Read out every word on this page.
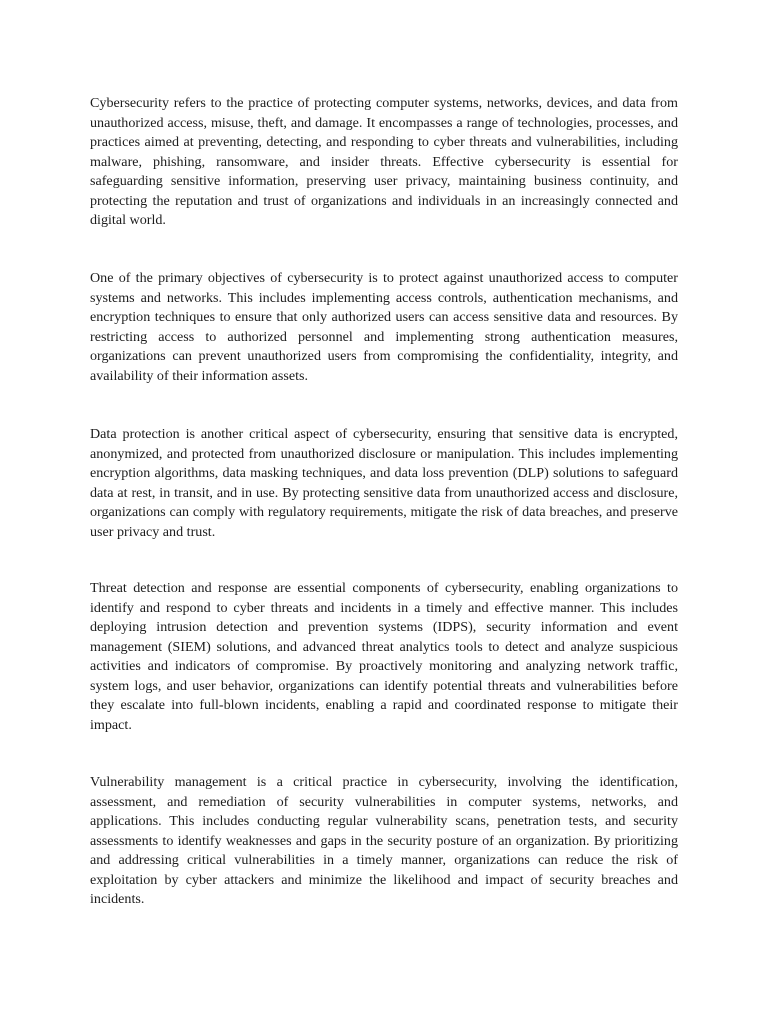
Cybersecurity refers to the practice of protecting computer systems, networks, devices, and data from unauthorized access, misuse, theft, and damage. It encompasses a range of technologies, processes, and practices aimed at preventing, detecting, and responding to cyber threats and vulnerabilities, including malware, phishing, ransomware, and insider threats. Effective cybersecurity is essential for safeguarding sensitive information, preserving user privacy, maintaining business continuity, and protecting the reputation and trust of organizations and individuals in an increasingly connected and digital world.

One of the primary objectives of cybersecurity is to protect against unauthorized access to computer systems and networks. This includes implementing access controls, authentication mechanisms, and encryption techniques to ensure that only authorized users can access sensitive data and resources. By restricting access to authorized personnel and implementing strong authentication measures, organizations can prevent unauthorized users from compromising the confidentiality, integrity, and availability of their information assets.

Data protection is another critical aspect of cybersecurity, ensuring that sensitive data is encrypted, anonymized, and protected from unauthorized disclosure or manipulation. This includes implementing encryption algorithms, data masking techniques, and data loss prevention (DLP) solutions to safeguard data at rest, in transit, and in use. By protecting sensitive data from unauthorized access and disclosure, organizations can comply with regulatory requirements, mitigate the risk of data breaches, and preserve user privacy and trust.

Threat detection and response are essential components of cybersecurity, enabling organizations to identify and respond to cyber threats and incidents in a timely and effective manner. This includes deploying intrusion detection and prevention systems (IDPS), security information and event management (SIEM) solutions, and advanced threat analytics tools to detect and analyze suspicious activities and indicators of compromise. By proactively monitoring and analyzing network traffic, system logs, and user behavior, organizations can identify potential threats and vulnerabilities before they escalate into full-blown incidents, enabling a rapid and coordinated response to mitigate their impact.

Vulnerability management is a critical practice in cybersecurity, involving the identification, assessment, and remediation of security vulnerabilities in computer systems, networks, and applications. This includes conducting regular vulnerability scans, penetration tests, and security assessments to identify weaknesses and gaps in the security posture of an organization. By prioritizing and addressing critical vulnerabilities in a timely manner, organizations can reduce the risk of exploitation by cyber attackers and minimize the likelihood and impact of security breaches and incidents.
